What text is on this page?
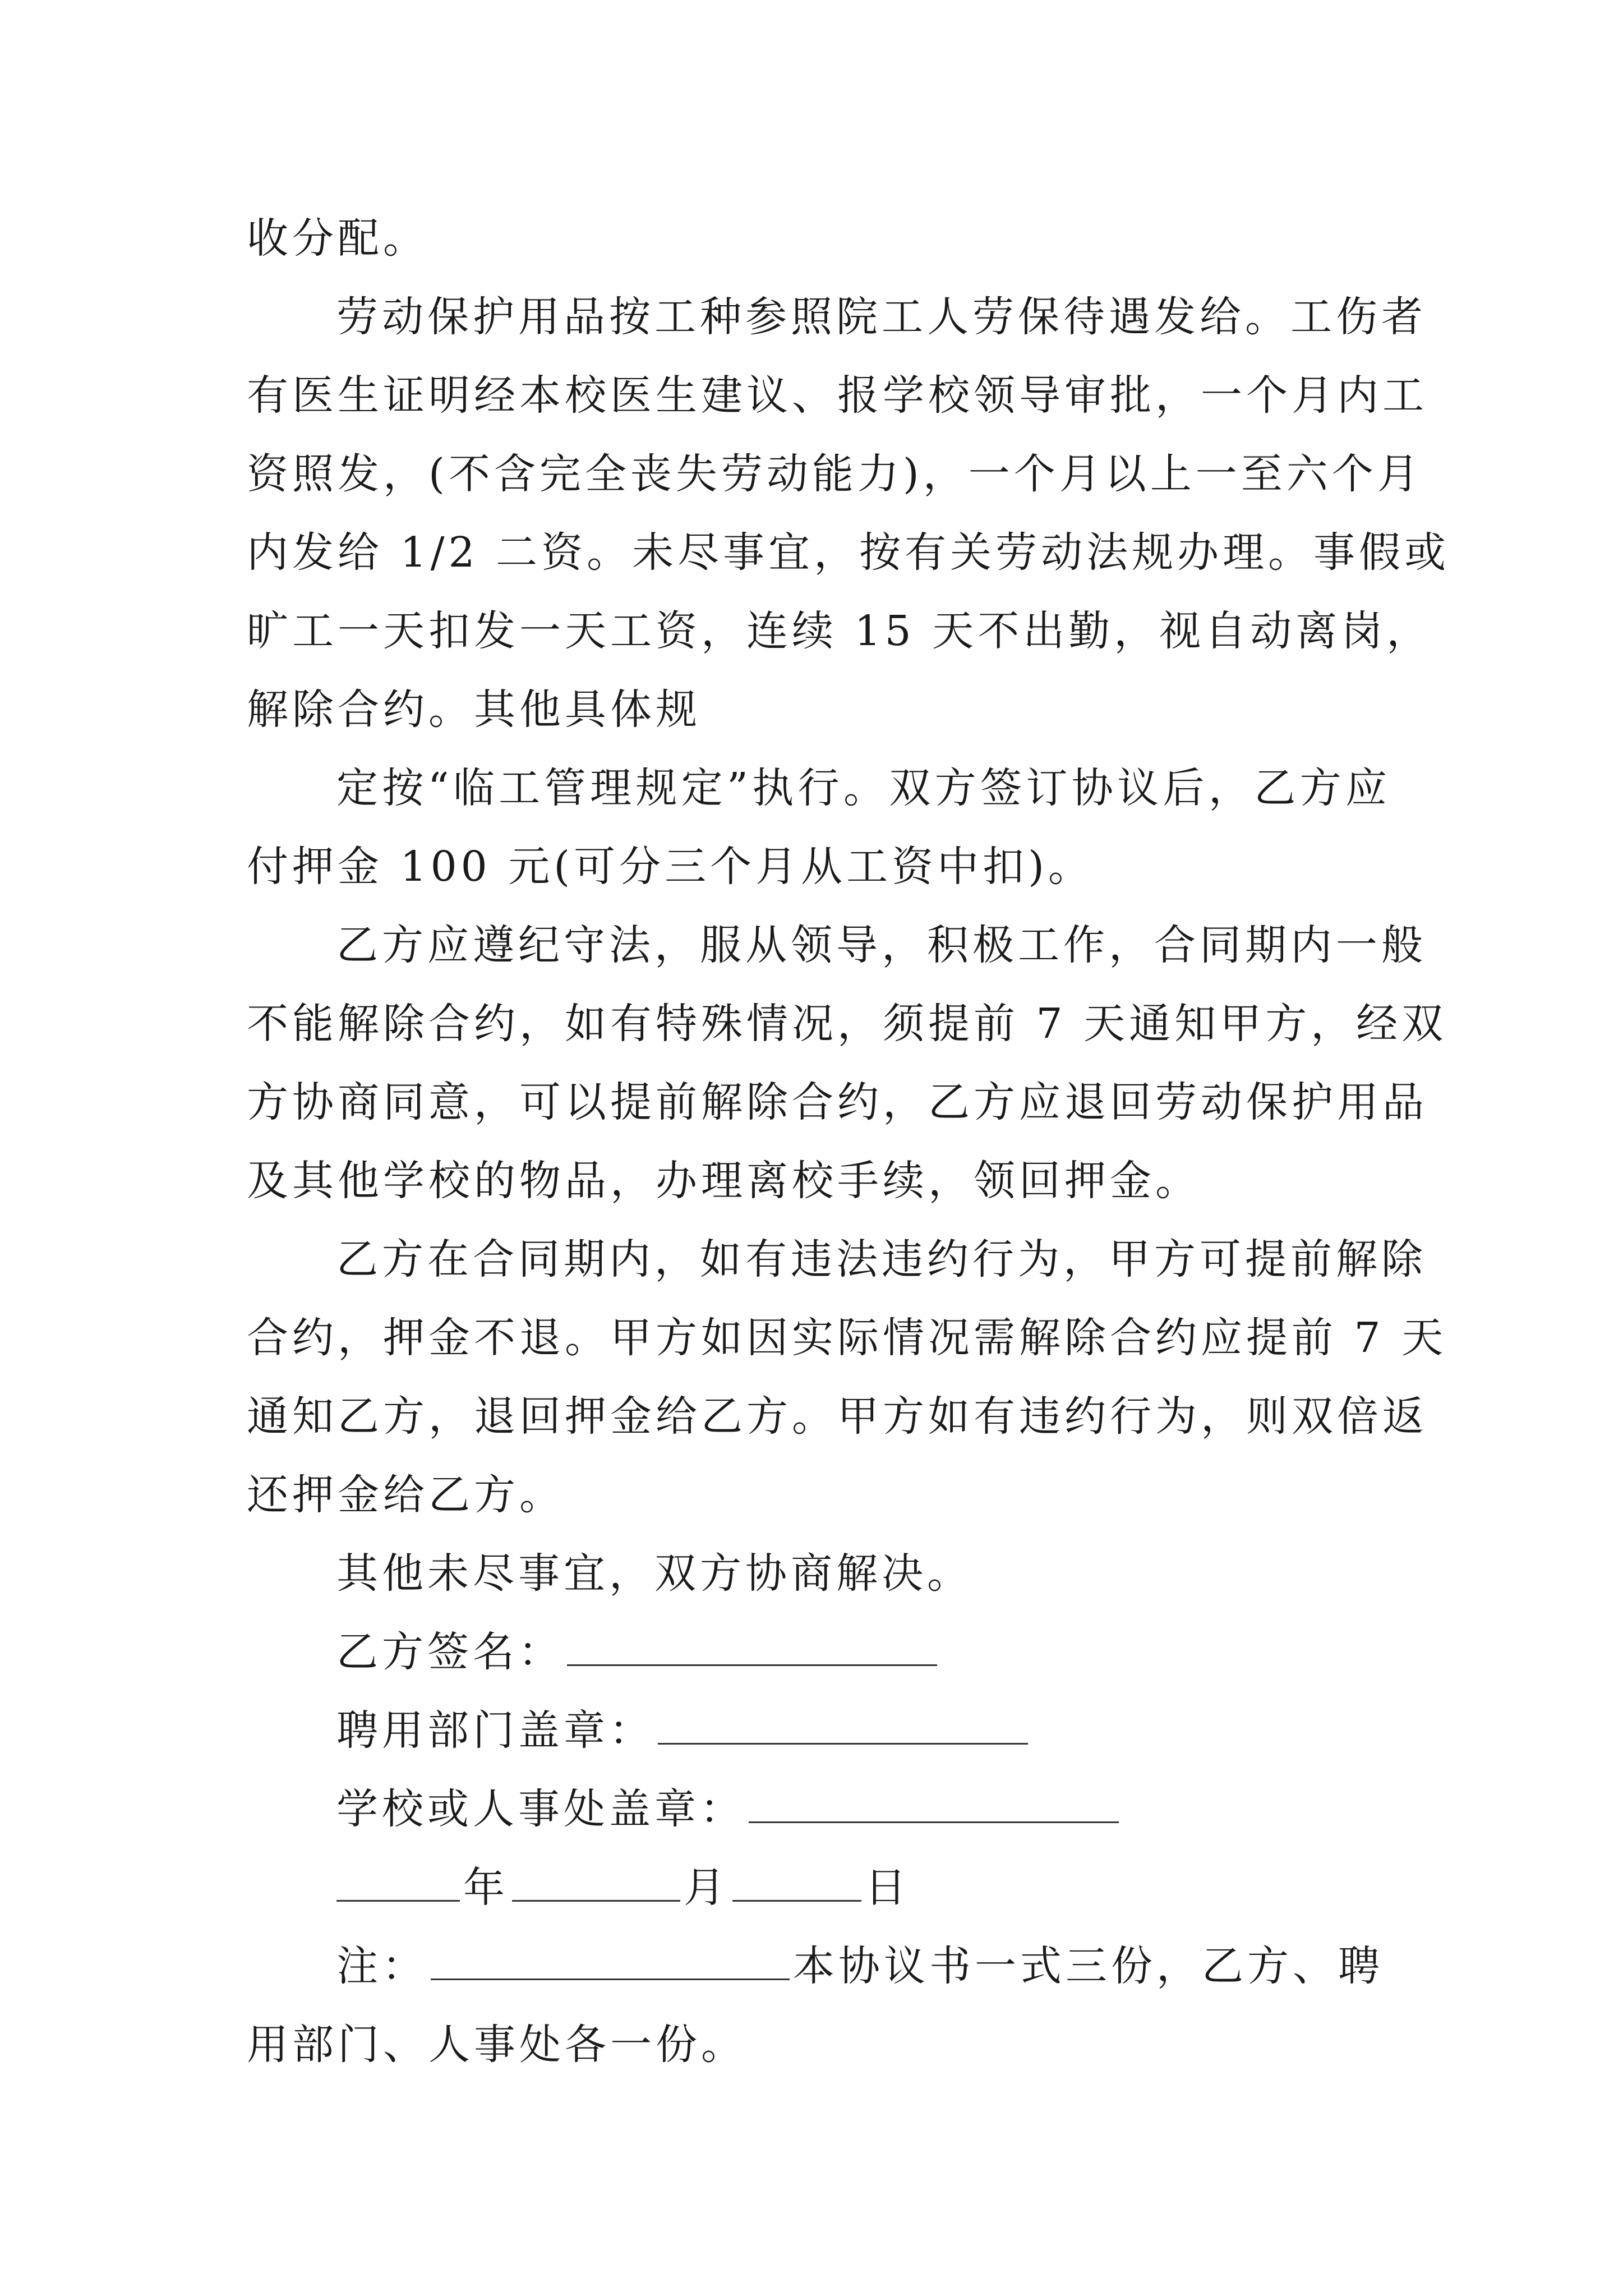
收分配。
劳动保护用品按工种参照院工人劳保待遇发给。工伤者
有医生证明经本校医生建议、报学校领导审批，一个月内工
资照发，(不含完全丧失劳动能力)，一个月以上一至六个月
内发给 1/2 二资。未尽事宜，按有关劳动法规办理。事假或
旷工一天扣发一天工资，连续 15 天不出勤，视自动离岗，
解除合约。其他具体规
定按“临工管理规定”执行。双方签订协议后，乙方应
付押金 100 元(可分三个月从工资中扣)。
乙方应遵纪守法，服从领导，积极工作，合同期内一般
不能解除合约，如有特殊情况，须提前 7 天通知甲方，经双
方协商同意，可以提前解除合约，乙方应退回劳动保护用品
及其他学校的物品，办理离校手续，领回押金。
乙方在合同期内，如有违法违约行为，甲方可提前解除
合约，押金不退。甲方如因实际情况需解除合约应提前 7 天
通知乙方，退回押金给乙方。甲方如有违约行为，则双倍返
还押金给乙方。
其他未尽事宜，双方协商解决。
乙方签名：
聘用部门盖章：
学校或人事处盖章：
年	月	日
注：	本协议书一式三份，乙方、聘
用部门、人事处各一份。
